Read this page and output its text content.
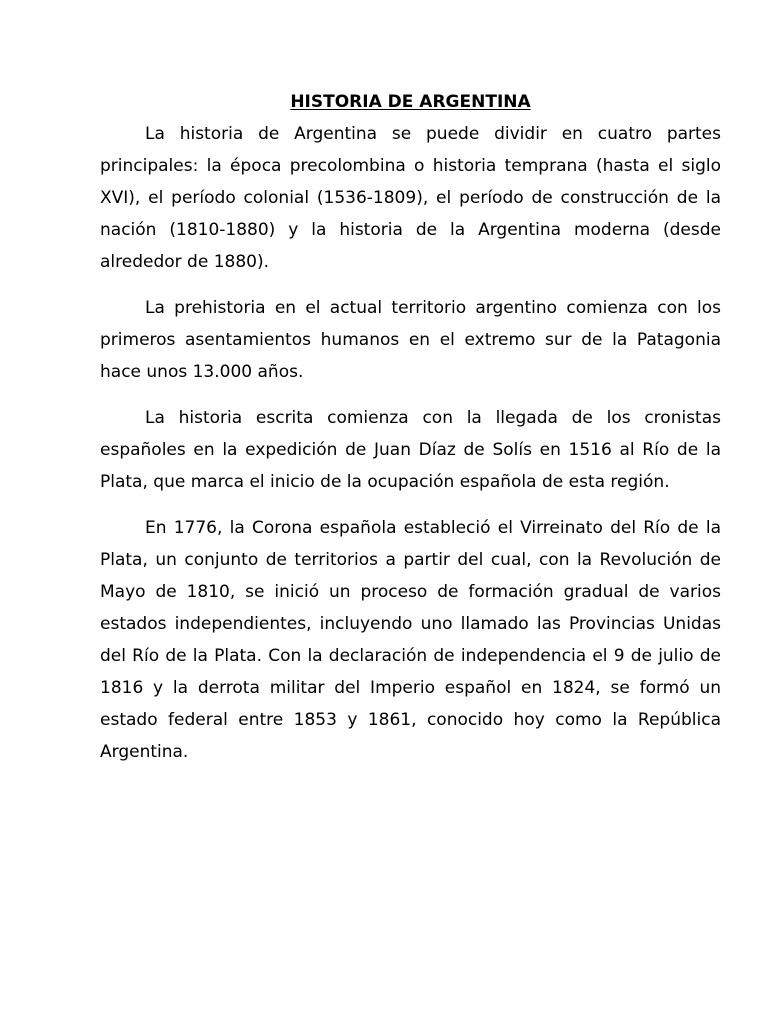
HISTORIA DE ARGENTINA

La historia de Argentina se puede dividir en cuatro partes principales: la época precolombina o historia temprana (hasta el siglo XVI), el período colonial (1536-1809), el período de construcción de la nación (1810-1880) y la historia de la Argentina moderna (desde alrededor de 1880).

La prehistoria en el actual territorio argentino comienza con los primeros asentamientos humanos en el extremo sur de la Patagonia hace unos 13.000 años.

La historia escrita comienza con la llegada de los cronistas españoles en la expedición de Juan Díaz de Solís en 1516 al Río de la Plata, que marca el inicio de la ocupación española de esta región.

En 1776, la Corona española estableció el Virreinato del Río de la Plata, un conjunto de territorios a partir del cual, con la Revolución de Mayo de 1810, se inició un proceso de formación gradual de varios estados independientes, incluyendo uno llamado las Provincias Unidas del Río de la Plata. Con la declaración de independencia el 9 de julio de 1816 y la derrota militar del Imperio español en 1824, se formó un estado federal entre 1853 y 1861, conocido hoy como la República Argentina.
